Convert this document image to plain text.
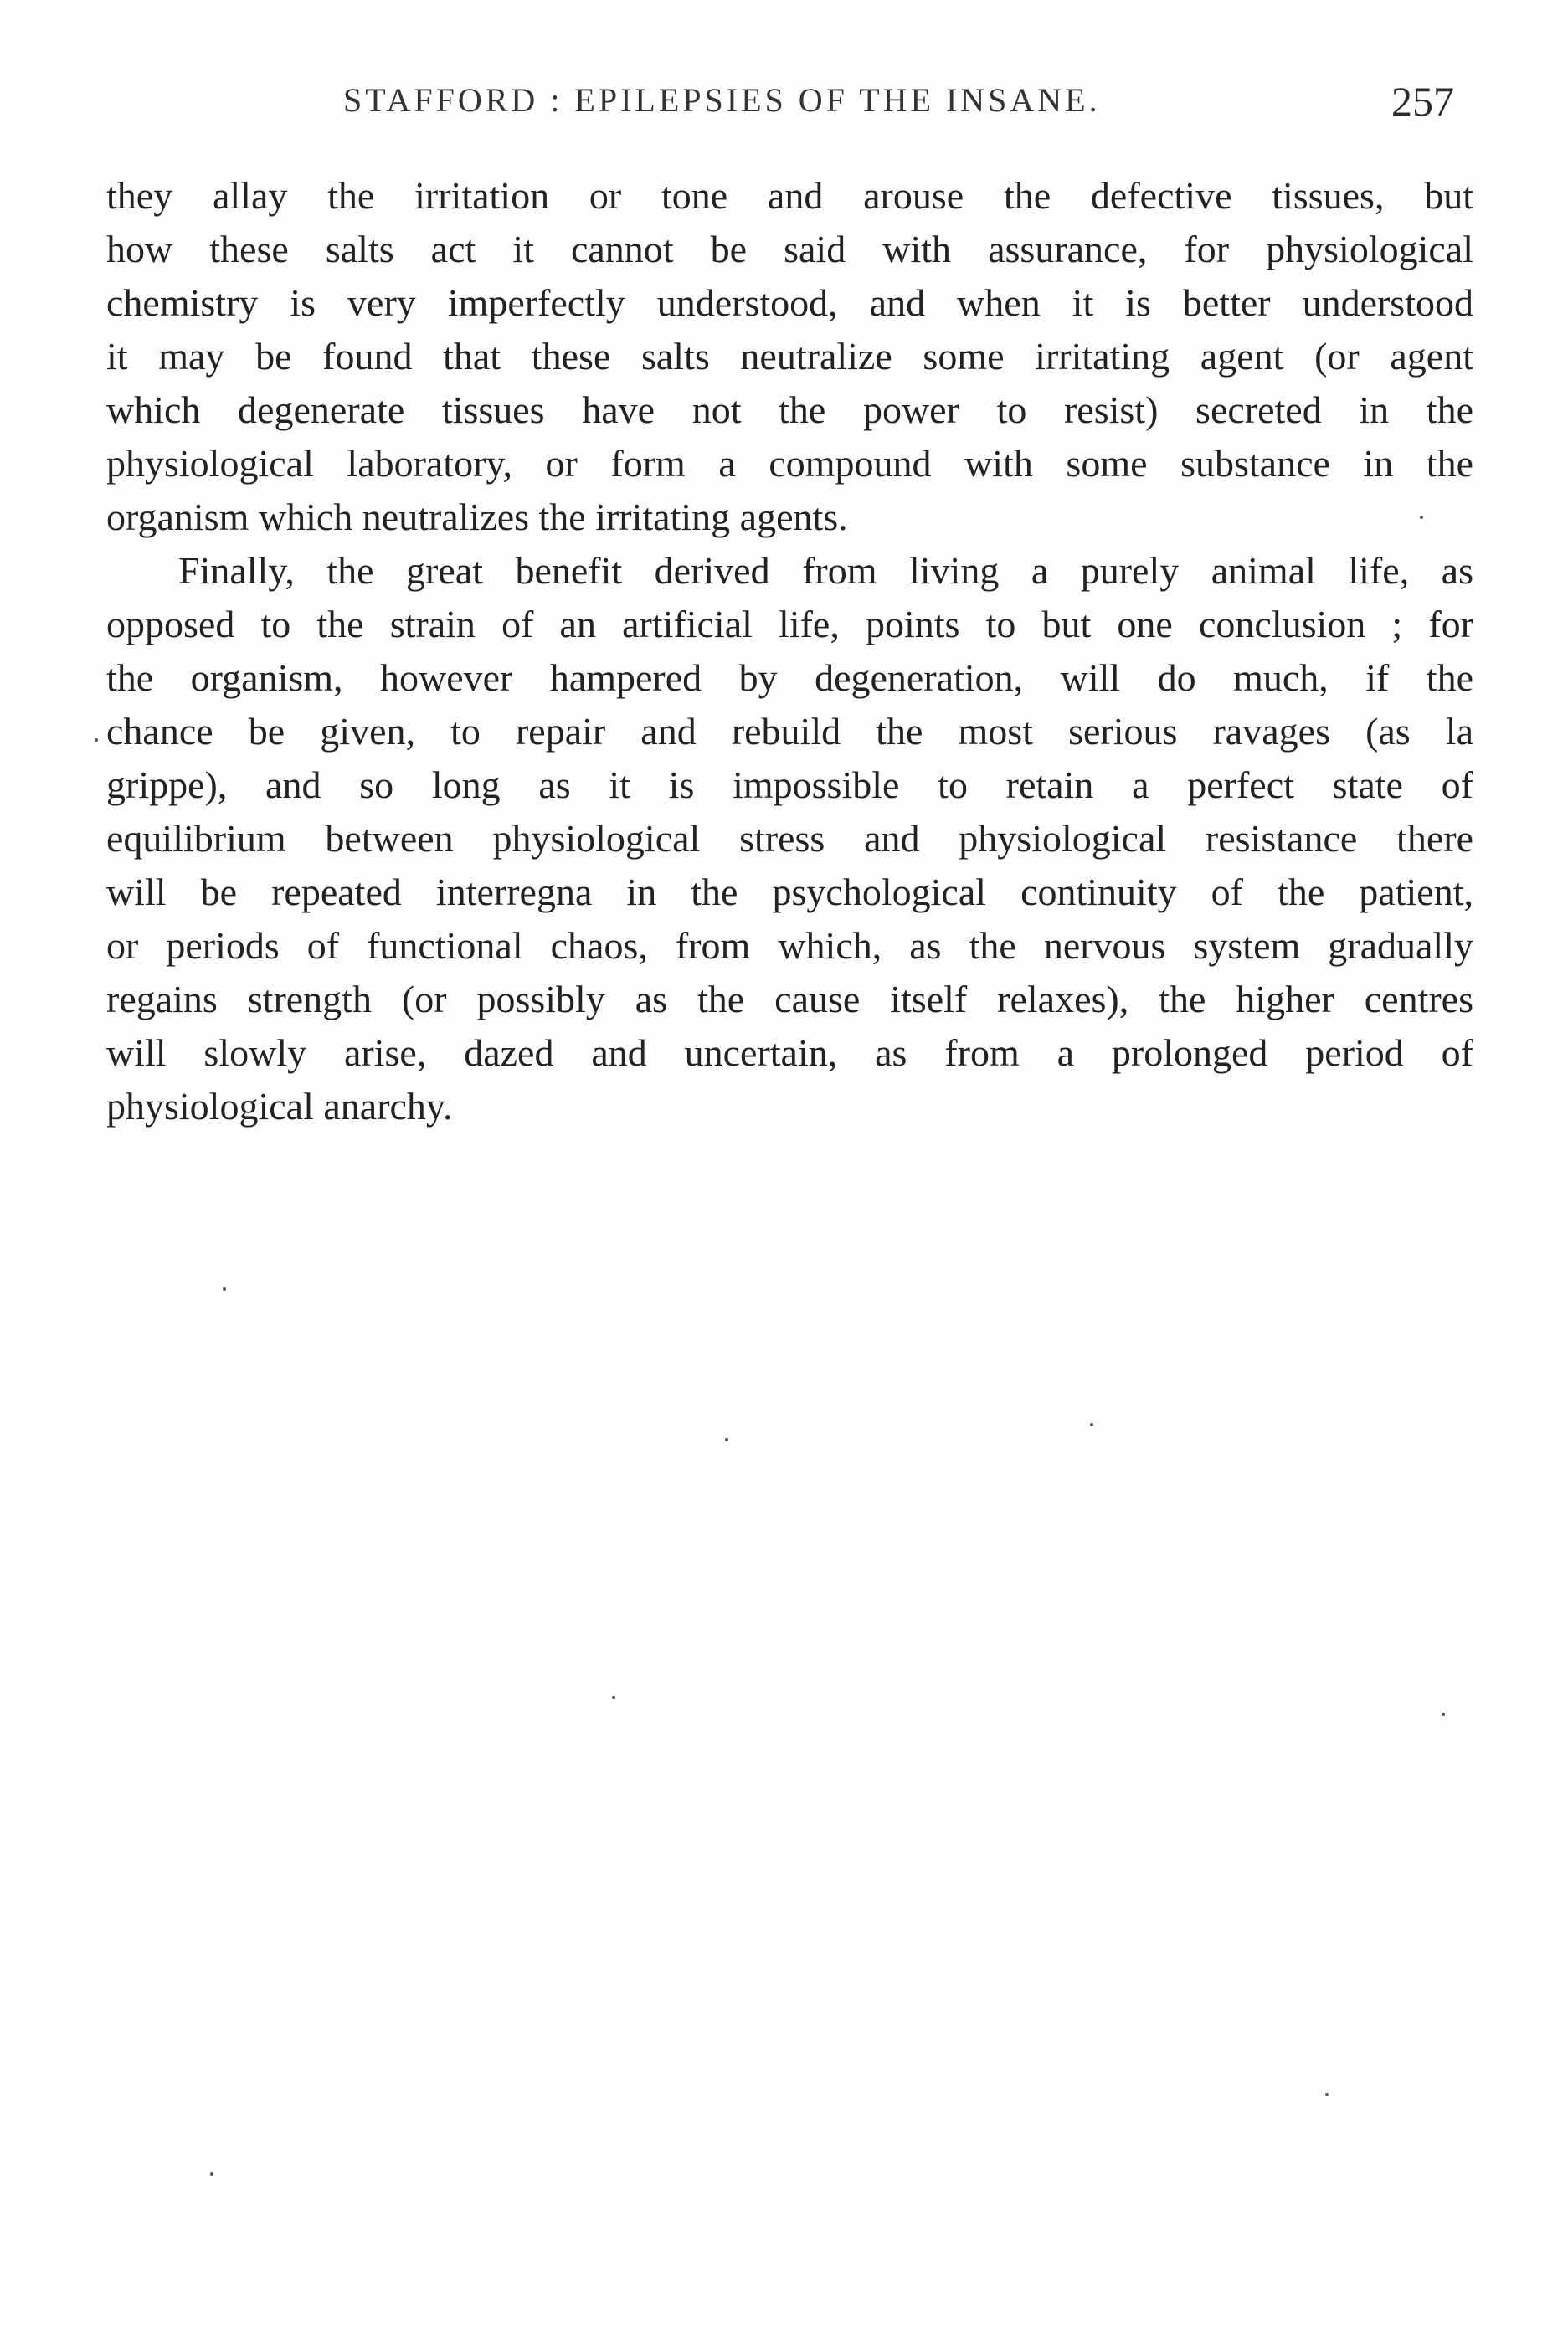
STAFFORD : EPILEPSIES OF THE INSANE.	257
they allay the irritation or tone and arouse the defective tissues, but
how these salts act it cannot be said with assurance, for physiological
chemistry is very imperfectly understood, and when it is better understood
it may be found that these salts neutralize some irritating agent (or agent
which degenerate tissues have not the power to resist) secreted in the
physiological laboratory, or form a compound with some substance in the
organism which neutralizes the irritating agents.
Finally, the great benefit derived from living a purely animal life, as
opposed to the strain of an artificial life, points to but one conclusion ; for
the organism, however hampered by degeneration, will do much, if the
chance be given, to repair and rebuild the most serious ravages (as la
grippe), and so long as it is impossible to retain a perfect state of
equilibrium between physiological stress and physiological resistance there
will be repeated interregna in the psychological continuity of the patient,
or periods of functional chaos, from which, as the nervous system gradually
regains strength (or possibly as the cause itself relaxes), the higher centres
will slowly arise, dazed and uncertain, as from a prolonged period of
physiological anarchy.
